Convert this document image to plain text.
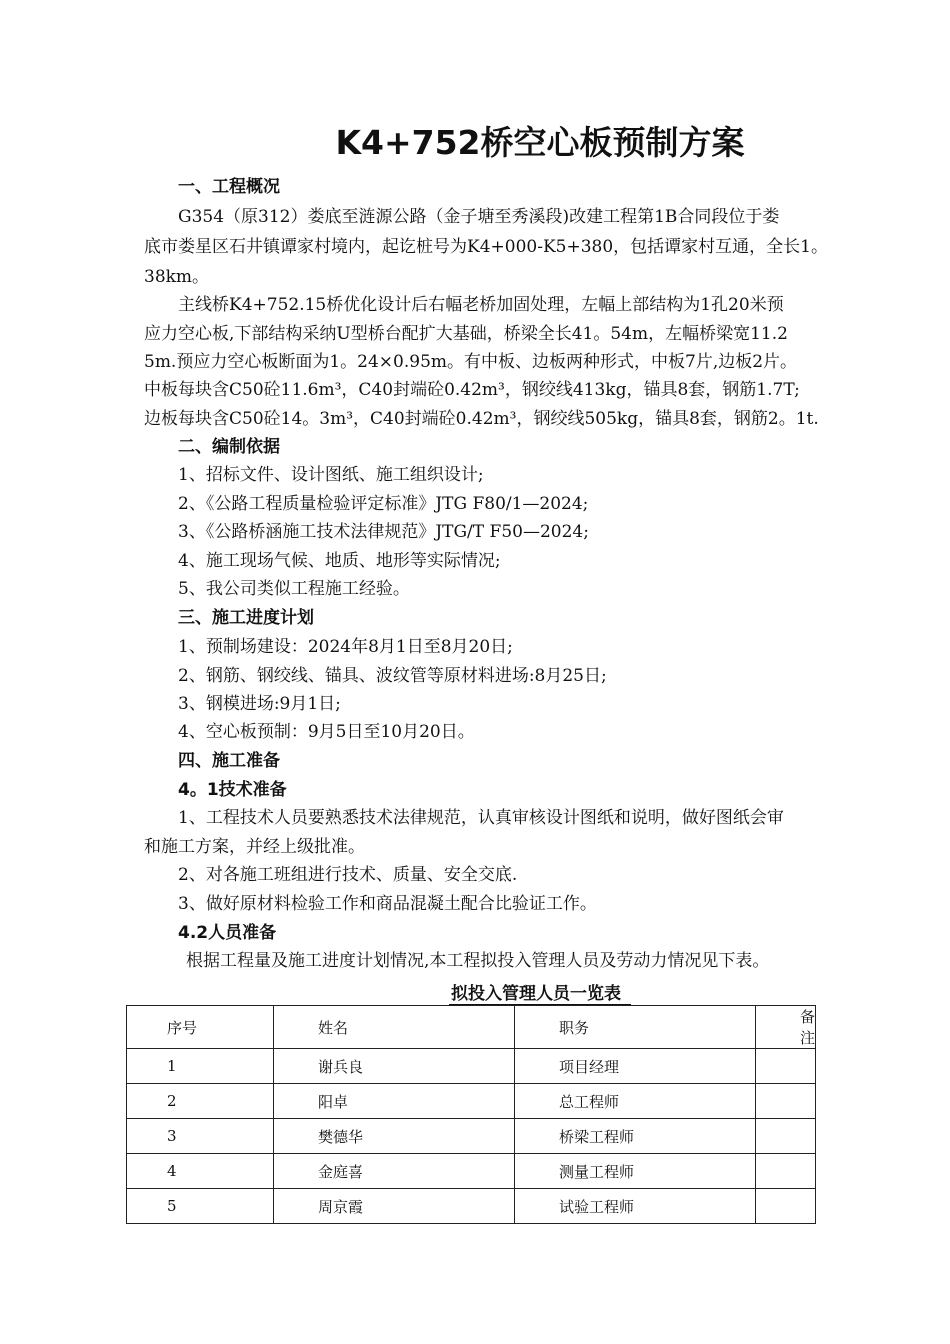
K4+752桥空心板预制方案
一、工程概况
G354（原312）娄底至涟源公路（金子塘至秀溪段)改建工程第1B合同段位于娄
底市娄星区石井镇谭家村境内，起讫桩号为K4+000-K5+380，包括谭家村互通，全长1。
38km。
主线桥K4+752.15桥优化设计后右幅老桥加固处理，左幅上部结构为1孔20米预
应力空心板,下部结构采纳U型桥台配扩大基础，桥梁全长41。54m，左幅桥梁宽11.2
5m.预应力空心板断面为1。24×0.95m。有中板、边板两种形式，中板7片,边板2片。
中板每块含C50砼11.6m³，C40封端砼0.42m³，钢绞线413kg，锚具8套，钢筋1.7T;
边板每块含C50砼14。3m³，C40封端砼0.42m³，钢绞线505kg，锚具8套，钢筋2。1t.
二、编制依据
1、招标文件、设计图纸、施工组织设计;
2、《公路工程质量检验评定标准》JTG F80/1—2024;
3、《公路桥涵施工技术法律规范》JTG/T F50—2024;
4、施工现场气候、地质、地形等实际情况;
5、我公司类似工程施工经验。
三、施工进度计划
1、预制场建设：2024年8月1日至8月20日;
2、钢筋、钢绞线、锚具、波纹管等原材料进场:8月25日;
3、钢模进场:9月1日;
4、空心板预制：9月5日至10月20日。
四、施工准备
4。1技术准备
1、工程技术人员要熟悉技术法律规范，认真审核设计图纸和说明，做好图纸会审
和施工方案，并经上级批准。
2、对各施工班组进行技术、质量、安全交底.
3、做好原材料检验工作和商品混凝土配合比验证工作。
4.2人员准备
根据工程量及施工进度计划情况,本工程拟投入管理人员及劳动力情况见下表。
拟投入管理人员一览表
序号	姓名	职务	备注
1	谢兵良	项目经理	
2	阳卓	总工程师	
3	樊德华	桥梁工程师	
4	金庭喜	测量工程师	
5	周京霞	试验工程师	
